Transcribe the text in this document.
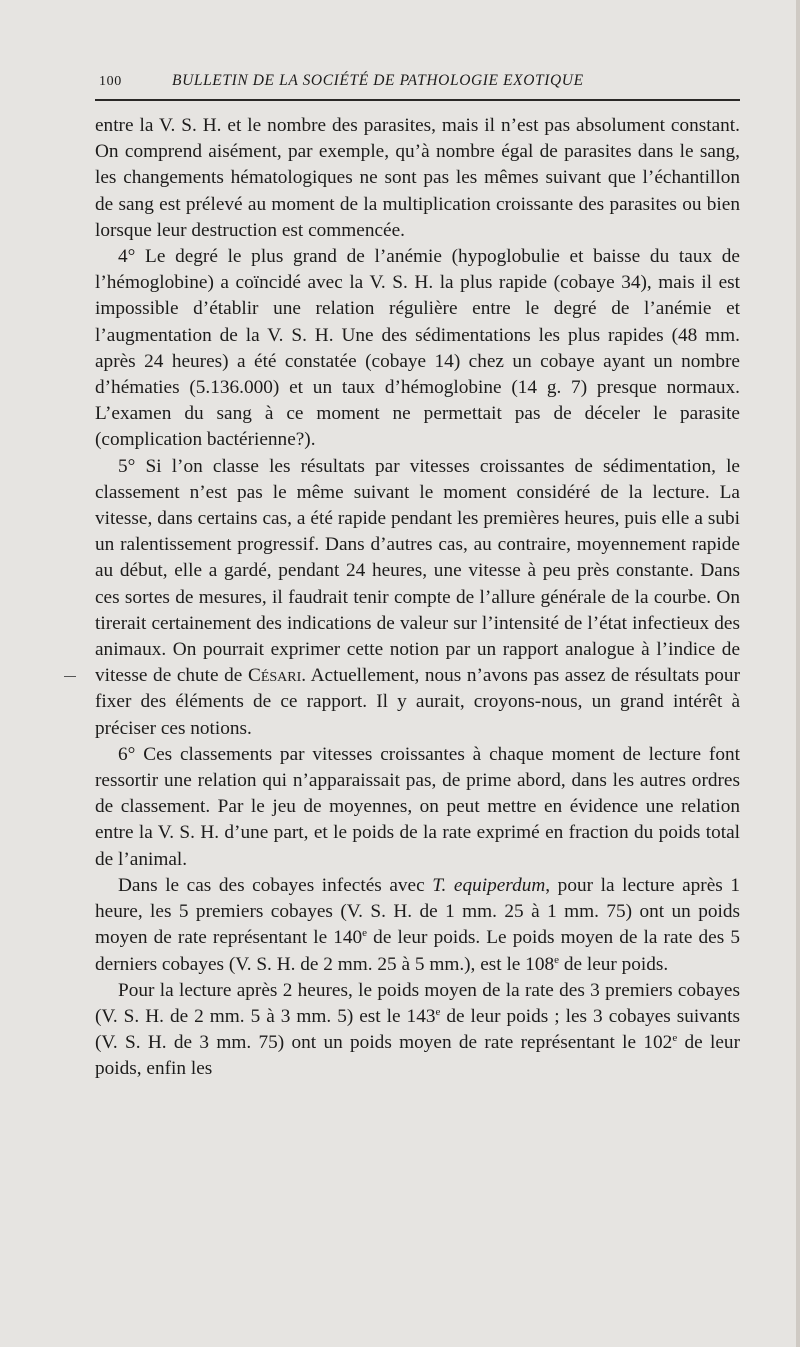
100	BULLETIN DE LA SOCIÉTÉ DE PATHOLOGIE EXOTIQUE

entre la V. S. H. et le nombre des parasites, mais il n’est pas absolument constant. On comprend aisément, par exemple, qu’à nombre égal de parasites dans le sang, les changements hématologiques ne sont pas les mêmes suivant que l’échantillon de sang est prélevé au moment de la multiplication croissante des parasites ou bien lorsque leur destruction est commencée.

4° Le degré le plus grand de l’anémie (hypoglobulie et baisse du taux de l’hémoglobine) a coïncidé avec la V. S. H. la plus rapide (cobaye 34), mais il est impossible d’établir une relation régulière entre le degré de l’anémie et l’augmentation de la V. S. H. Une des sédimentations les plus rapides (48 mm. après 24 heures) a été constatée (cobaye 14) chez un cobaye ayant un nombre d’hématies (5.136.000) et un taux d’hémoglobine (14 g. 7) presque normaux. L’examen du sang à ce moment ne permettait pas de déceler le parasite (complication bactérienne?).

5° Si l’on classe les résultats par vitesses croissantes de sédimentation, le classement n’est pas le même suivant le moment considéré de la lecture. La vitesse, dans certains cas, a été rapide pendant les premières heures, puis elle a subi un ralentissement progressif. Dans d’autres cas, au contraire, moyennement rapide au début, elle a gardé, pendant 24 heures, une vitesse à peu près constante. Dans ces sortes de mesures, il faudrait tenir compte de l’allure générale de la courbe. On tirerait certainement des indications de valeur sur l’intensité de l’état infectieux des animaux. On pourrait exprimer cette notion par un rapport analogue à l’indice de vitesse de chute de Césari. Actuellement, nous n’avons pas assez de résultats pour fixer des éléments de ce rapport. Il y aurait, croyons-nous, un grand intérêt à préciser ces notions.

6° Ces classements par vitesses croissantes à chaque moment de lecture font ressortir une relation qui n’apparaissait pas, de prime abord, dans les autres ordres de classement. Par le jeu de moyennes, on peut mettre en évidence une relation entre la V. S. H. d’une part, et le poids de la rate exprimé en fraction du poids total de l’animal.

Dans le cas des cobayes infectés avec T. equiperdum, pour la lecture après 1 heure, les 5 premiers cobayes (V. S. H. de 1 mm. 25 à 1 mm. 75) ont un poids moyen de rate représentant le 140e de leur poids. Le poids moyen de la rate des 5 derniers cobayes (V. S. H. de 2 mm. 25 à 5 mm.), est le 108e de leur poids.

Pour la lecture après 2 heures, le poids moyen de la rate des 3 premiers cobayes (V. S. H. de 2 mm. 5 à 3 mm. 5) est le 143e de leur poids ; les 3 cobayes suivants (V. S. H. de 3 mm. 75) ont un poids moyen de rate représentant le 102e de leur poids, enfin les
